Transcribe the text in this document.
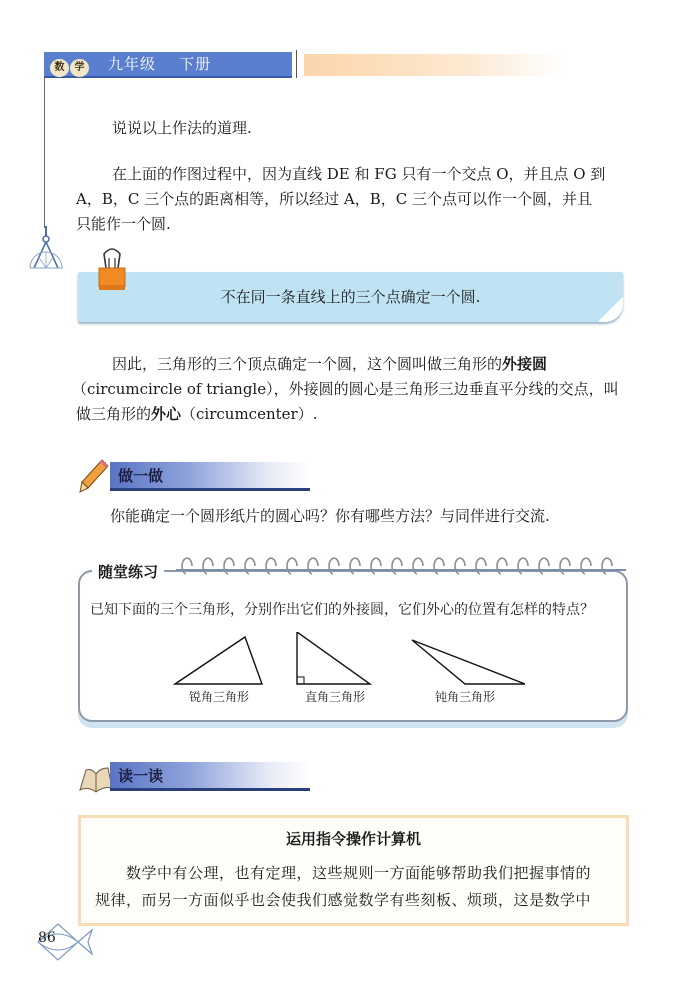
数 学	九年级    下册
说说以上作法的道理.
在上面的作图过程中，因为直线 DE 和 FG 只有一个交点 O，并且点 O 到
A，B，C 三个点的距离相等，所以经过 A，B，C 三个点可以作一个圆，并且
只能作一个圆.
不在同一条直线上的三个点确定一个圆.
因此，三角形的三个顶点确定一个圆，这个圆叫做三角形的外接圆
（circumcircle of triangle），外接圆的圆心是三角形三边垂直平分线的交点，叫
做三角形的外心（circumcenter）.
做一做
你能确定一个圆形纸片的圆心吗？你有哪些方法？与同伴进行交流.
已知下面的三个三角形，分别作出它们的外接圆，它们外心的位置有怎样的特点？
锐角三角形	直角三角形	钝角三角形
随堂练习
读一读
运用指令操作计算机
　　数学中有公理，也有定理，这些规则一方面能够帮助我们把握事情的
规律，而另一方面似乎也会使我们感觉数学有些刻板、烦琐，这是数学中
86
